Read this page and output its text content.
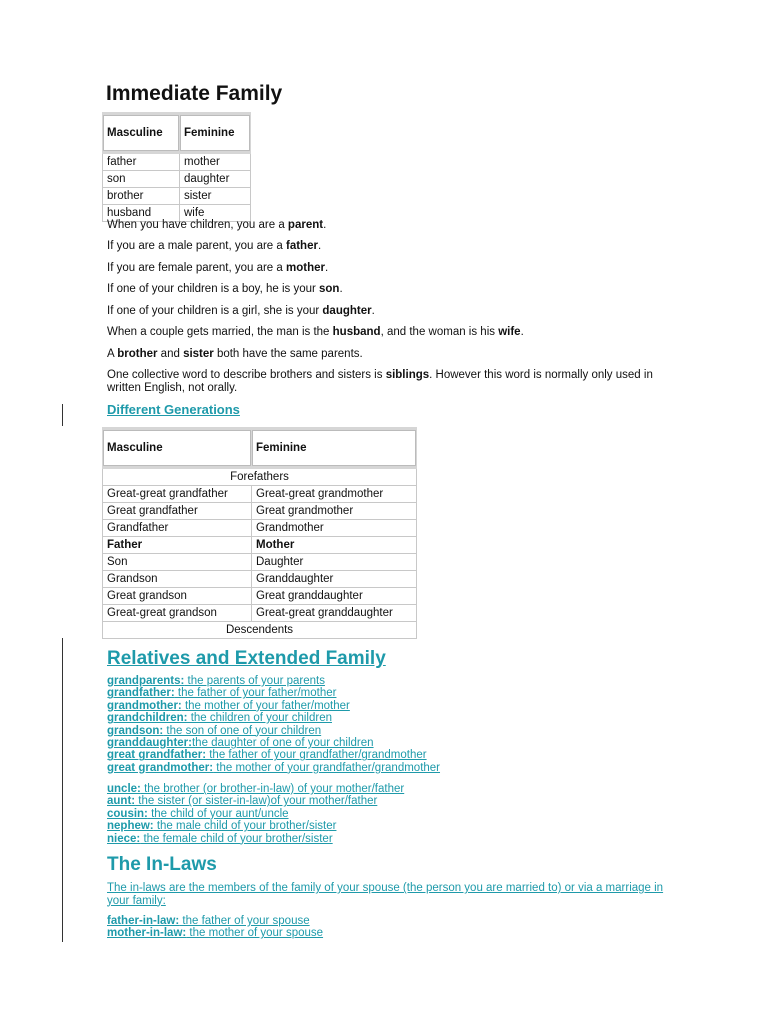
Immediate Family
Masculine	Feminine
father	mother
son	daughter
brother	sister
husband	wife

When you have children, you are a parent.

If you are a male parent, you are a father.

If you are female parent, you are a mother.

If one of your children is a boy, he is your son.

If one of your children is a girl, she is your daughter.

When a couple gets married, the man is the husband, and the woman is his wife.

A brother and sister both have the same parents.

One collective word to describe brothers and sisters is siblings. However this word is normally only used in written English, not orally.

Different Generations
Masculine	Feminine
Forefathers	
Great-great grandfather	Great-great grandmother
Great grandfather	Great grandmother
Grandfather	Grandmother
Father	Mother
Son	Daughter
Grandson	Granddaughter
Great grandson	Great granddaughter
Great-great grandson	Great-great granddaughter
Descendents	
Relatives and Extended Family
grandparents: the parents of your parents
grandfather: the father of your father/mother
grandmother: the mother of your father/mother
grandchildren: the children of your children
grandson: the son of one of your children
granddaughter:the daughter of one of your children
great grandfather: the father of your grandfather/grandmother
great grandmother: the mother of your grandfather/grandmother
uncle: the brother (or brother-in-law) of your mother/father
aunt: the sister (or sister-in-law)of your mother/father
cousin: the child of your aunt/uncle
nephew: the male child of your brother/sister
niece: the female child of your brother/sister
The In-Laws

The in-laws are the members of the family of your spouse (the person you are married to) or via a marriage in your family:

father-in-law: the father of your spouse
mother-in-law: the mother of your spouse
